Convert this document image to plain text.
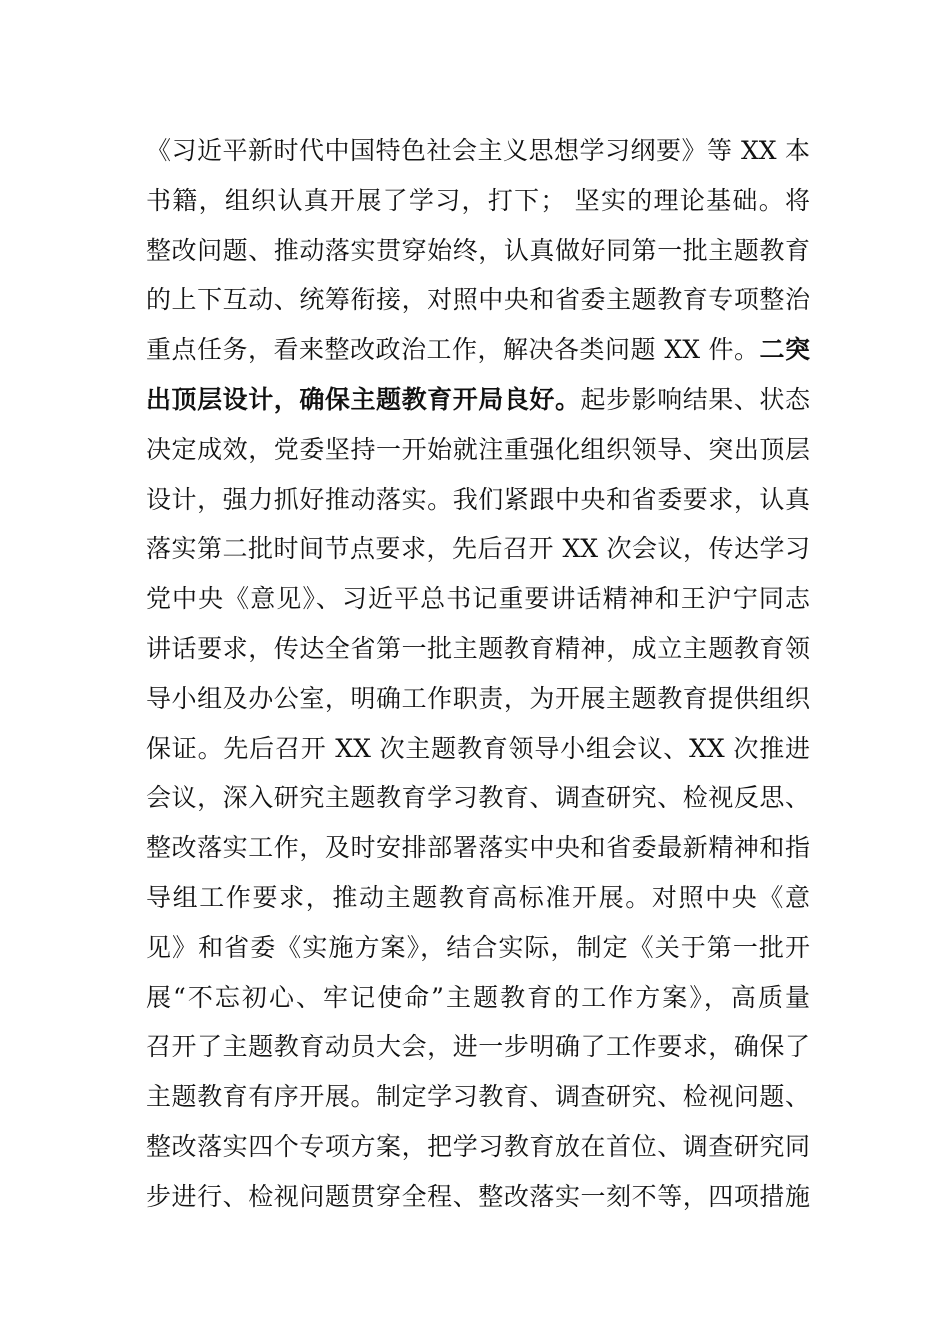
《习近平新时代中国特色社会主义思想学习纲要》等 XX 本
书籍，组织认真开展了学习，打下； 坚实的理论基础。将
整改问题、推动落实贯穿始终，认真做好同第一批主题教育
的上下互动、统筹衔接，对照中央和省委主题教育专项整治
重点任务，看来整改政治工作，解决各类问题 XX 件。二突
出顶层设计，确保主题教育开局良好。起步影响结果、状态
决定成效，党委坚持一开始就注重强化组织领导、突出顶层
设计，强力抓好推动落实。我们紧跟中央和省委要求，认真
落实第二批时间节点要求，先后召开 XX 次会议，传达学习
党中央《意见》、习近平总书记重要讲话精神和王沪宁同志
讲话要求，传达全省第一批主题教育精神，成立主题教育领
导小组及办公室，明确工作职责，为开展主题教育提供组织
保证。先后召开 XX 次主题教育领导小组会议、XX 次推进
会议，深入研究主题教育学习教育、调查研究、检视反思、
整改落实工作，及时安排部署落实中央和省委最新精神和指
导组工作要求，推动主题教育高标准开展。对照中央《意
见》和省委《实施方案》，结合实际，制定《关于第一批开
展“不忘初心、牢记使命”主题教育的工作方案》，高质量
召开了主题教育动员大会，进一步明确了工作要求，确保了
主题教育有序开展。制定学习教育、调查研究、检视问题、
整改落实四个专项方案，把学习教育放在首位、调查研究同
步进行、检视问题贯穿全程、整改落实一刻不等，四项措施
